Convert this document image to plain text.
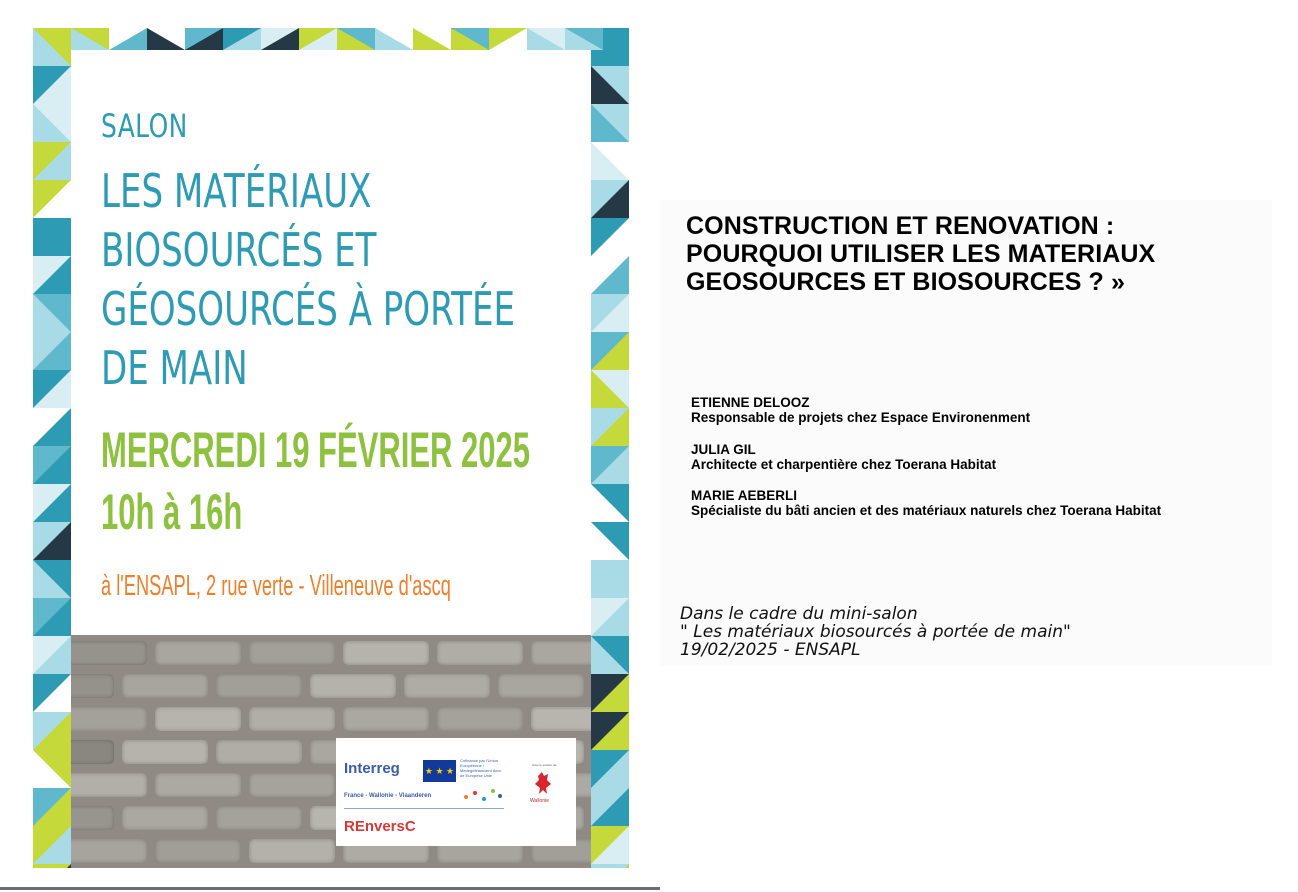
SALON
LES MATÉRIAUX
BIOSOURCÉS ET
GÉOSOURCÉS À PORTÉE
DE MAIN
MERCREDI 19 FÉVRIER 2025
10h à 16h
à l'ENSAPL, 2 rue verte - Villeneuve d'ascq
Interreg	★ ★ ★
Cofinancé par l'Union Européenne / Medegefinancierd door de Europese Unie
France - Wallonie - Vlaanderen
REnversC
Avec le soutien de
Wallonie
CONSTRUCTION ET RENOVATION :
POURQUOI UTILISER LES MATERIAUX
GEOSOURCES ET BIOSOURCES ? »
ETIENNE DELOOZ
Responsable de projets chez Espace Environenment
JULIA GIL
Architecte et charpentière chez Toerana Habitat
MARIE AEBERLI
Spécialiste du bâti ancien et des matériaux naturels chez Toerana Habitat
Dans le cadre du mini-salon
" Les matériaux biosourcés à portée de main"
19/02/2025 - ENSAPL
